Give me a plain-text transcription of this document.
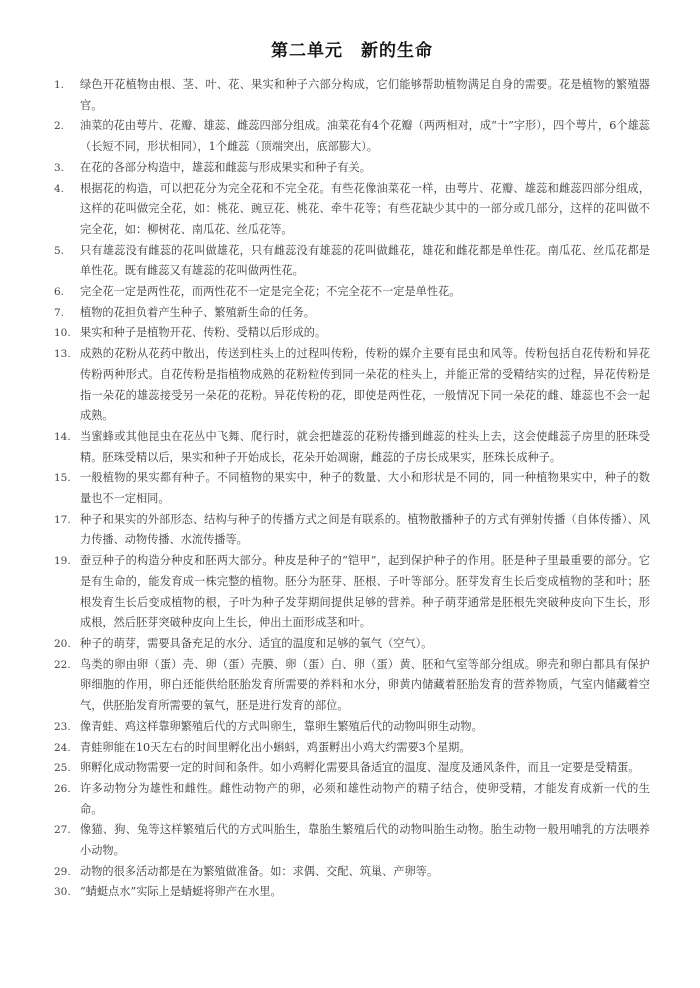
第二单元　新的生命
1.	绿色开花植物由根、茎、叶、花、果实和种子六部分构成，它们能够帮助植物满足自身的需要。花是植物的繁殖器官。
2.	油菜的花由萼片、花瓣、雄蕊、雌蕊四部分组成。油菜花有4个花瓣（两两相对，成“十”字形），四个萼片，6个雄蕊（长短不同，形状相同），1个雌蕊（顶端突出，底部膨大）。
3.	在花的各部分构造中，雄蕊和雌蕊与形成果实和种子有关。
4.	根据花的构造，可以把花分为完全花和不完全花。有些花像油菜花一样，由萼片、花瓣、雄蕊和雌蕊四部分组成，这样的花叫做完全花，如：桃花、豌豆花、桃花、牵牛花等；有些花缺少其中的一部分或几部分，这样的花叫做不完全花，如：柳树花、南瓜花、丝瓜花等。
5.	只有雄蕊没有雌蕊的花叫做雄花，只有雌蕊没有雄蕊的花叫做雌花，雄花和雌花都是单性花。南瓜花、丝瓜花都是单性花。既有雌蕊又有雄蕊的花叫做两性花。
6.	完全花一定是两性花，而两性花不一定是完全花；不完全花不一定是单性花。
7.	植物的花担负着产生种子、繁殖新生命的任务。
10. 果实和种子是植物开花、传粉、受精以后形成的。
13. 成熟的花粉从花药中散出，传送到柱头上的过程叫传粉，传粉的媒介主要有昆虫和风等。传粉包括自花传粉和异花传粉两种形式。自花传粉是指植物成熟的花粉粒传到同一朵花的柱头上，并能正常的受精结实的过程，异花传粉是指一朵花的雄蕊接受另一朵花的花粉。异花传粉的花，即使是两性花，一般情况下同一朵花的雌、雄蕊也不会一起成熟。
14. 当蜜蜂或其他昆虫在花丛中飞舞、爬行时，就会把雄蕊的花粉传播到雌蕊的柱头上去，这会使雌蕊子房里的胚珠受精。胚珠受精以后，果实和种子开始成长，花朵开始凋谢，雌蕊的子房长成果实，胚珠长成种子。
15. 一般植物的果实都有种子。不同植物的果实中，种子的数量、大小和形状是不同的，同一种植物果实中，种子的数量也不一定相同。
17. 种子和果实的外部形态、结构与种子的传播方式之间是有联系的。植物散播种子的方式有弹射传播（自体传播）、风力传播、动物传播、水流传播等。
19. 蚕豆种子的构造分种皮和胚两大部分。种皮是种子的“铠甲”，起到保护种子的作用。胚是种子里最重要的部分。它是有生命的，能发育成一株完整的植物。胚分为胚芽、胚根、子叶等部分。胚芽发育生长后变成植物的茎和叶；胚根发育生长后变成植物的根，子叶为种子发芽期间提供足够的营养。种子萌芽通常是胚根先突破种皮向下生长，形成根，然后胚芽突破种皮向上生长，伸出土面形成茎和叶。
20. 种子的萌芽，需要具备充足的水分、适宜的温度和足够的氧气（空气）。
22. 鸟类的卵由卵（蛋）壳、卵（蛋）壳膜、卵（蛋）白、卵（蛋）黄、胚和气室等部分组成。卵壳和卵白都具有保护卵细胞的作用，卵白还能供给胚胎发育所需要的养料和水分，卵黄内储藏着胚胎发育的营养物质，气室内储藏着空气，供胚胎发育所需要的氧气，胚是进行发育的部位。
23. 像青蛙、鸡这样靠卵繁殖后代的方式叫卵生，靠卵生繁殖后代的动物叫卵生动物。
24. 青蛙卵能在10天左右的时间里孵化出小蝌蚪，鸡蛋孵出小鸡大约需要3个星期。
25. 卵孵化成动物需要一定的时间和条件。如小鸡孵化需要具备适宜的温度、湿度及通风条件，而且一定要是受精蛋。
26. 许多动物分为雄性和雌性。雌性动物产的卵，必须和雄性动物产的精子结合，使卵受精，才能发育成新一代的生命。
27. 像猫、狗、兔等这样繁殖后代的方式叫胎生，靠胎生繁殖后代的动物叫胎生动物。胎生动物一般用哺乳的方法喂养小动物。
29. 动物的很多活动都是在为繁殖做准备。如：求偶、交配、筑巢、产卵等。
30. “蜻蜓点水”实际上是蜻蜓将卵产在水里。
